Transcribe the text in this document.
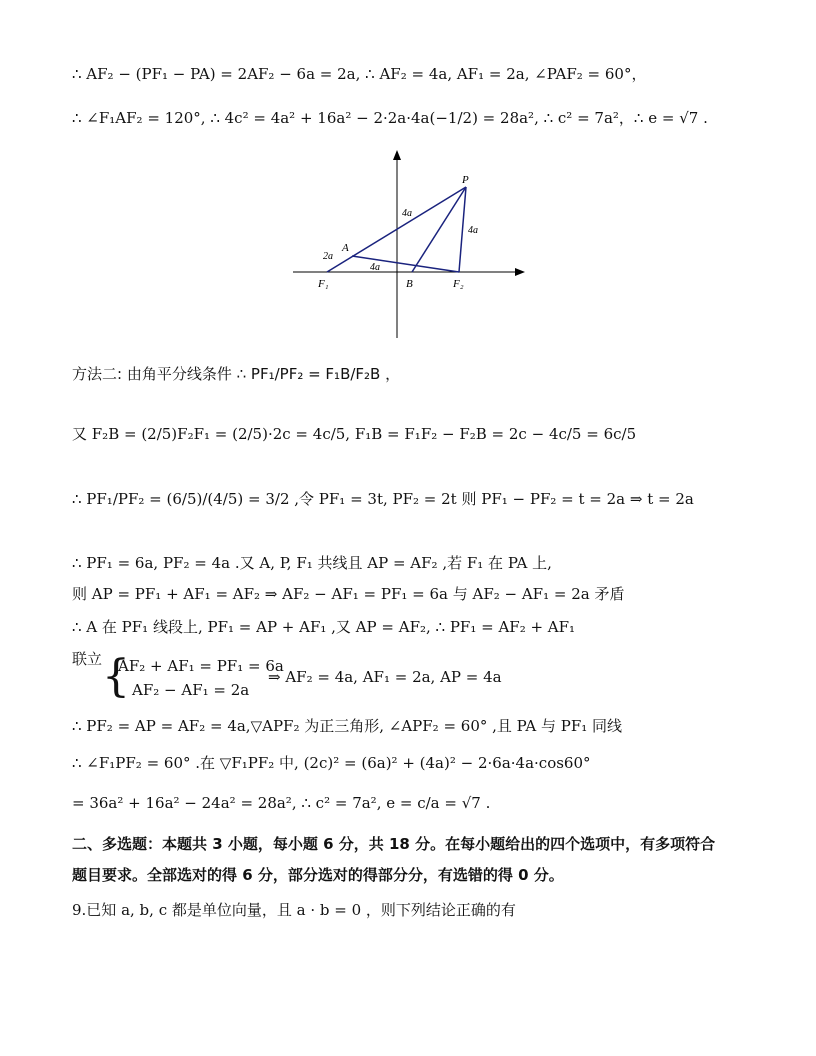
∴ AF₂ − (PF₁ − PA) = 2AF₂ − 6a = 2a, ∴ AF₂ = 4a, AF₁ = 2a, ∠PAF₂ = 60°，
∴ ∠F₁AF₂ = 120°, ∴ 4c² = 4a² + 16a² − 2·2a·4a(−1/2) = 28a², ∴ c² = 7a²，∴ e = √7 .
P
A
B
F₁	F₂
4a
4a
2a
4a
方法二: 由角平分线条件 ∴ PF₁/PF₂ = F₁B/F₂B ，
又 F₂B = (2/5)F₂F₁ = (2/5)·2c = 4c/5, F₁B = F₁F₂ − F₂B = 2c − 4c/5 = 6c/5
∴ PF₁/PF₂ = (6/5)/(4/5) = 3/2 ,令 PF₁ = 3t, PF₂ = 2t 则 PF₁ − PF₂ = t = 2a ⇒ t = 2a
∴ PF₁ = 6a, PF₂ = 4a .又 A, P, F₁ 共线且 AP = AF₂ ,若 F₁ 在 PA 上,
则 AP = PF₁ + AF₁ = AF₂ ⇒ AF₂ − AF₁ = PF₁ = 6a 与 AF₂ − AF₁ = 2a 矛盾
∴ A 在 PF₁ 线段上, PF₁ = AP + AF₁ ,又 AP = AF₂, ∴ PF₁ = AF₂ + AF₁
联立 {
AF₂ + AF₁ = PF₁ = 6a
AF₂ − AF₁ = 2a
⇒ AF₂ = 4a, AF₁ = 2a, AP = 4a
∴ PF₂ = AP = AF₂ = 4a,▽APF₂ 为正三角形, ∠APF₂ = 60° ,且 PA 与 PF₁ 同线
∴ ∠F₁PF₂ = 60° .在 ▽F₁PF₂ 中, (2c)² = (6a)² + (4a)² − 2·6a·4a·cos60°
= 36a² + 16a² − 24a² = 28a², ∴ c² = 7a², e = c/a = √7 .
二、多选题：本题共 3 小题，每小题 6 分，共 18 分。在每小题给出的四个选项中，有多项符合
题目要求。全部选对的得 6 分，部分选对的得部分分，有选错的得 0 分。
9.已知 a, b, c 都是单位向量，且 a · b = 0 ，则下列结论正确的有
